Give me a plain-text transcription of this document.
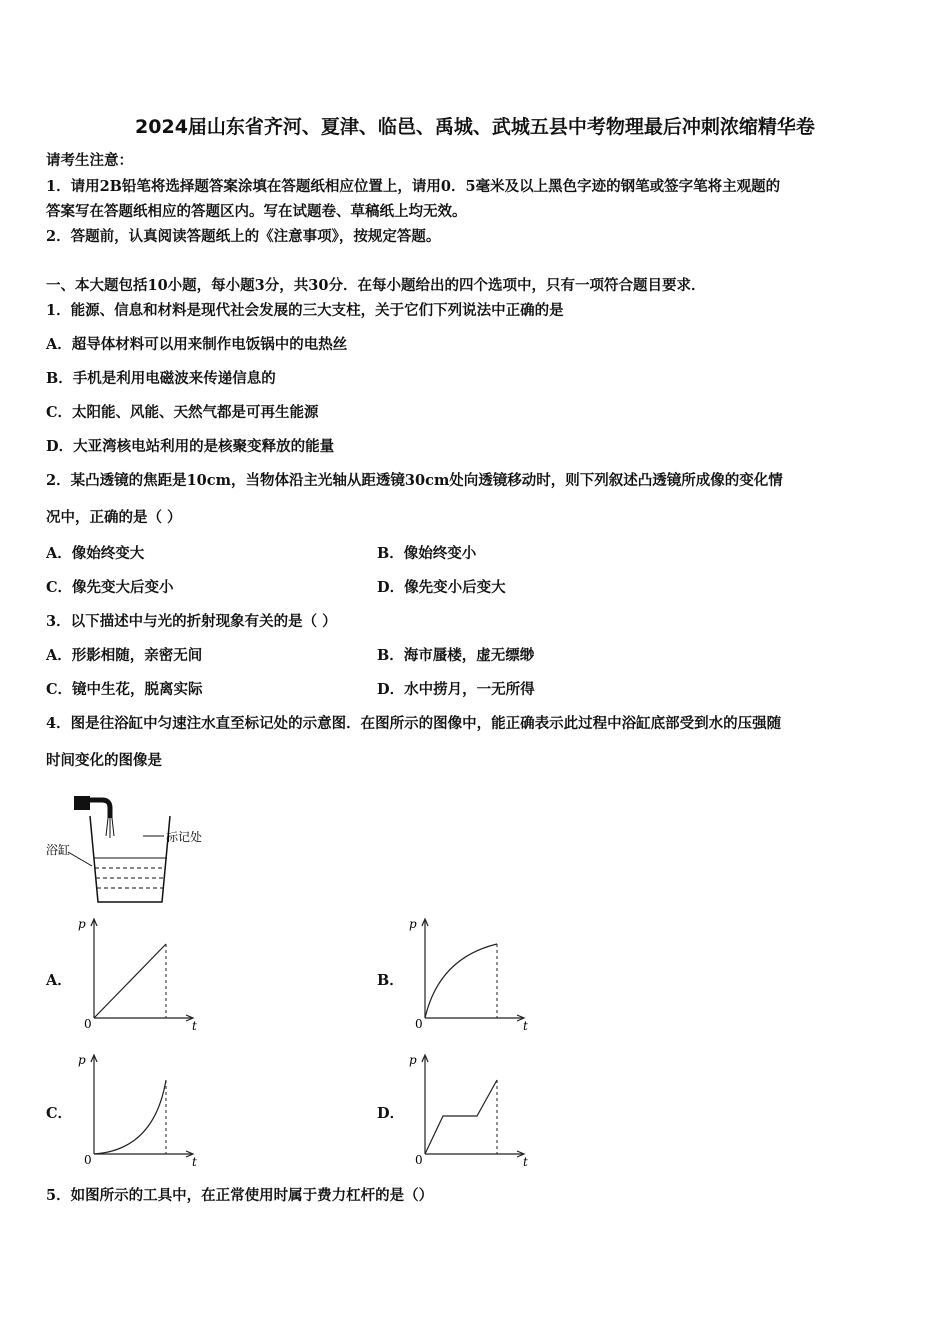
2024届山东省齐河、夏津、临邑、禹城、武城五县中考物理最后冲刺浓缩精华卷
请考生注意：
1．请用2B铅笔将选择题答案涂填在答题纸相应位置上，请用0．5毫米及以上黑色字迹的钢笔或签字笔将主观题的
答案写在答题纸相应的答题区内。写在试题卷、草稿纸上均无效。
2．答题前，认真阅读答题纸上的《注意事项》，按规定答题。
一、本大题包括10小题，每小题3分，共30分．在每小题给出的四个选项中，只有一项符合题目要求．
1．能源、信息和材料是现代社会发展的三大支柱，关于它们下列说法中正确的是
A．超导体材料可以用来制作电饭锅中的电热丝
B．手机是利用电磁波来传递信息的
C．太阳能、风能、天然气都是可再生能源
D．大亚湾核电站利用的是核聚变释放的能量
2．某凸透镜的焦距是10cm，当物体沿主光轴从距透镜30cm处向透镜移动时，则下列叙述凸透镜所成像的变化情
况中，正确的是（ ）
A．像始终变大	B．像始终变小
C．像先变大后变小	D．像先变小后变大
3．以下描述中与光的折射现象有关的是（ ）
A．形影相随，亲密无间	B．海市蜃楼，虚无缥缈
C．镜中生花，脱离实际	D．水中捞月，一无所得
4．图是往浴缸中匀速注水直至标记处的示意图．在图所示的图像中，能正确表示此过程中浴缸底部受到水的压强随
时间变化的图像是
标记处
浴缸
A．	B．
C．	D．
p
t
0
p
t
0
p
t
0
p
t
0
5．如图所示的工具中，在正常使用时属于费力杠杆的是（）
